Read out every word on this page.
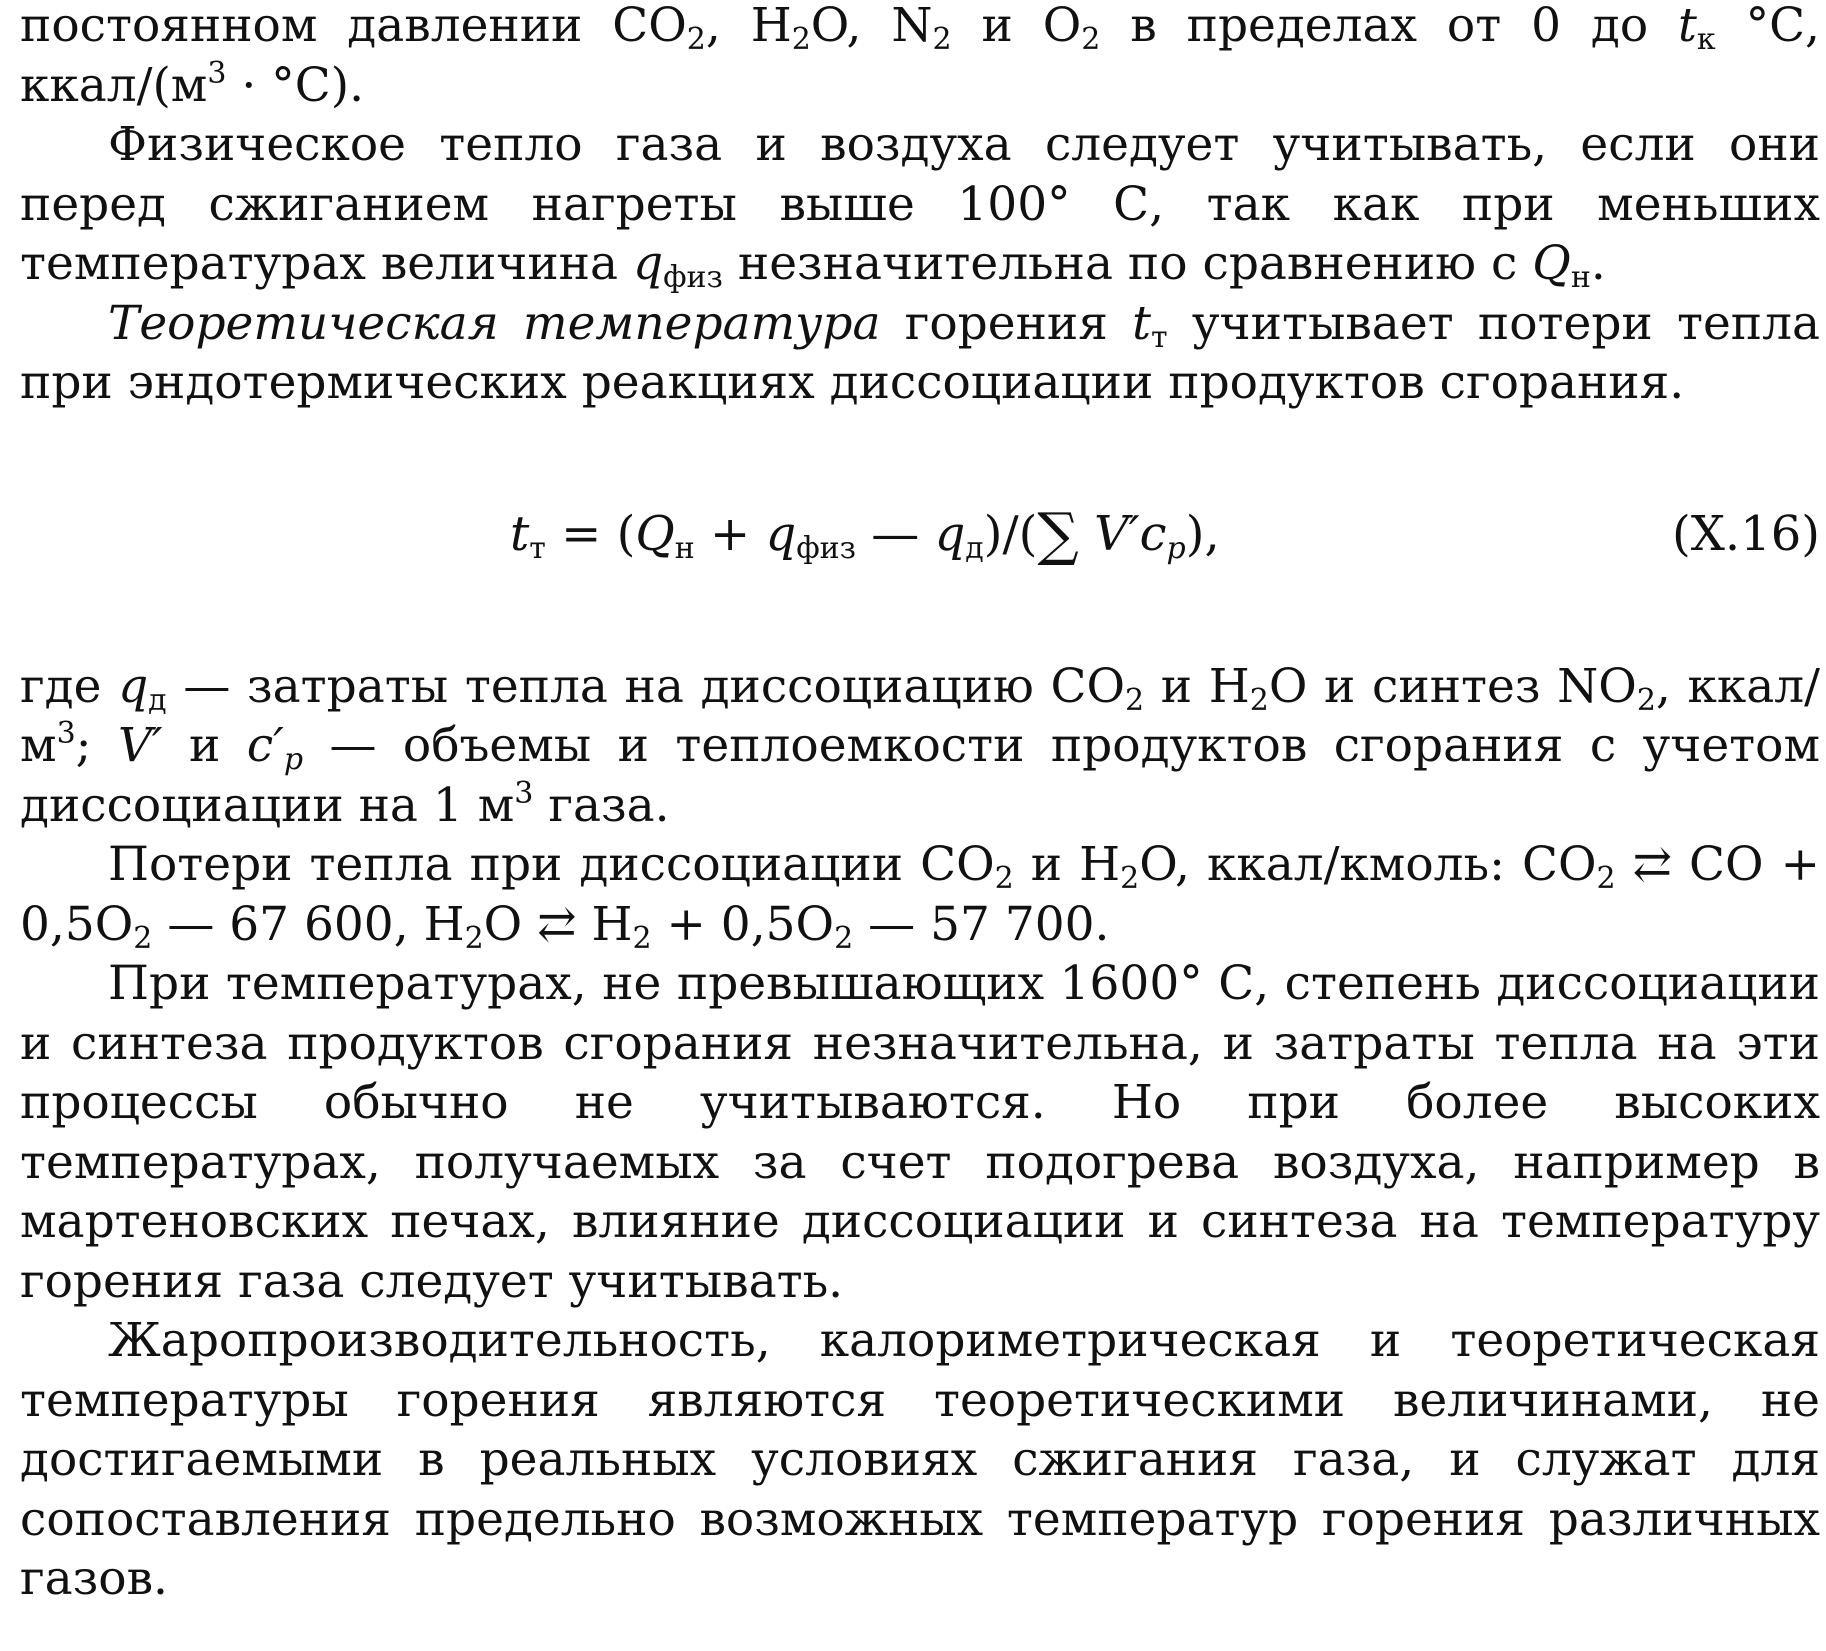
постоянном давлении $CO_2$, $H_2O$, $N_2$ и $O_2$ в пределах от 0 до $t_к$ °С, ккал/$(м^3 \cdot ^\circ С)$.

Физическое тепло газа и воздуха следует учитывать, если они перед сжиганием нагреты выше 100° С, так как при меньших температурах величина $q_{физ}$ незначительна по сравнению с $Q_н$.

Теоретическая температура горения $t_т$ учитывает потери тепла при эндотермических реакциях диссоциации продуктов сгорания.

$t_т = (Q_н + q_{физ}$ — $q_д)/(\sum$ $V'c_p$),	(X.16)

где $q_д$ — затраты тепла на диссоциацию $CO_2$ и $H_2O$ и синтез $NO_2$, ккал/$м^3$; V′ и $c'_p$ — объемы и теплоемкости продуктов сгорания с учетом диссоциации на 1 $м^3$ газа.

Потери тепла при диссоциации $CO_2$ и $H_2O$, ккал/кмоль: $CO_2$ ⇄ CO + $0,5O_2$ — 67 600, $H_2O$ ⇄ $H_2 + 0,5O_2$ — 57 700.

При температурах, не превышающих 1600° С, степень диссоциации и синтеза продуктов сгорания незначительна, и затраты тепла на эти процессы обычно не учитываются. Но при более высоких температурах, получаемых за счет подогрева воздуха, например в мартеновских печах, влияние диссоциации и синтеза на температуру горения газа следует учитывать.

Жаропроизводительность, калориметрическая и теоретическая температуры горения являются теоретическими величинами, не достигаемыми в реальных условиях сжигания газа, и служат для сопоставления предельно возможных температур горения различных газов.
